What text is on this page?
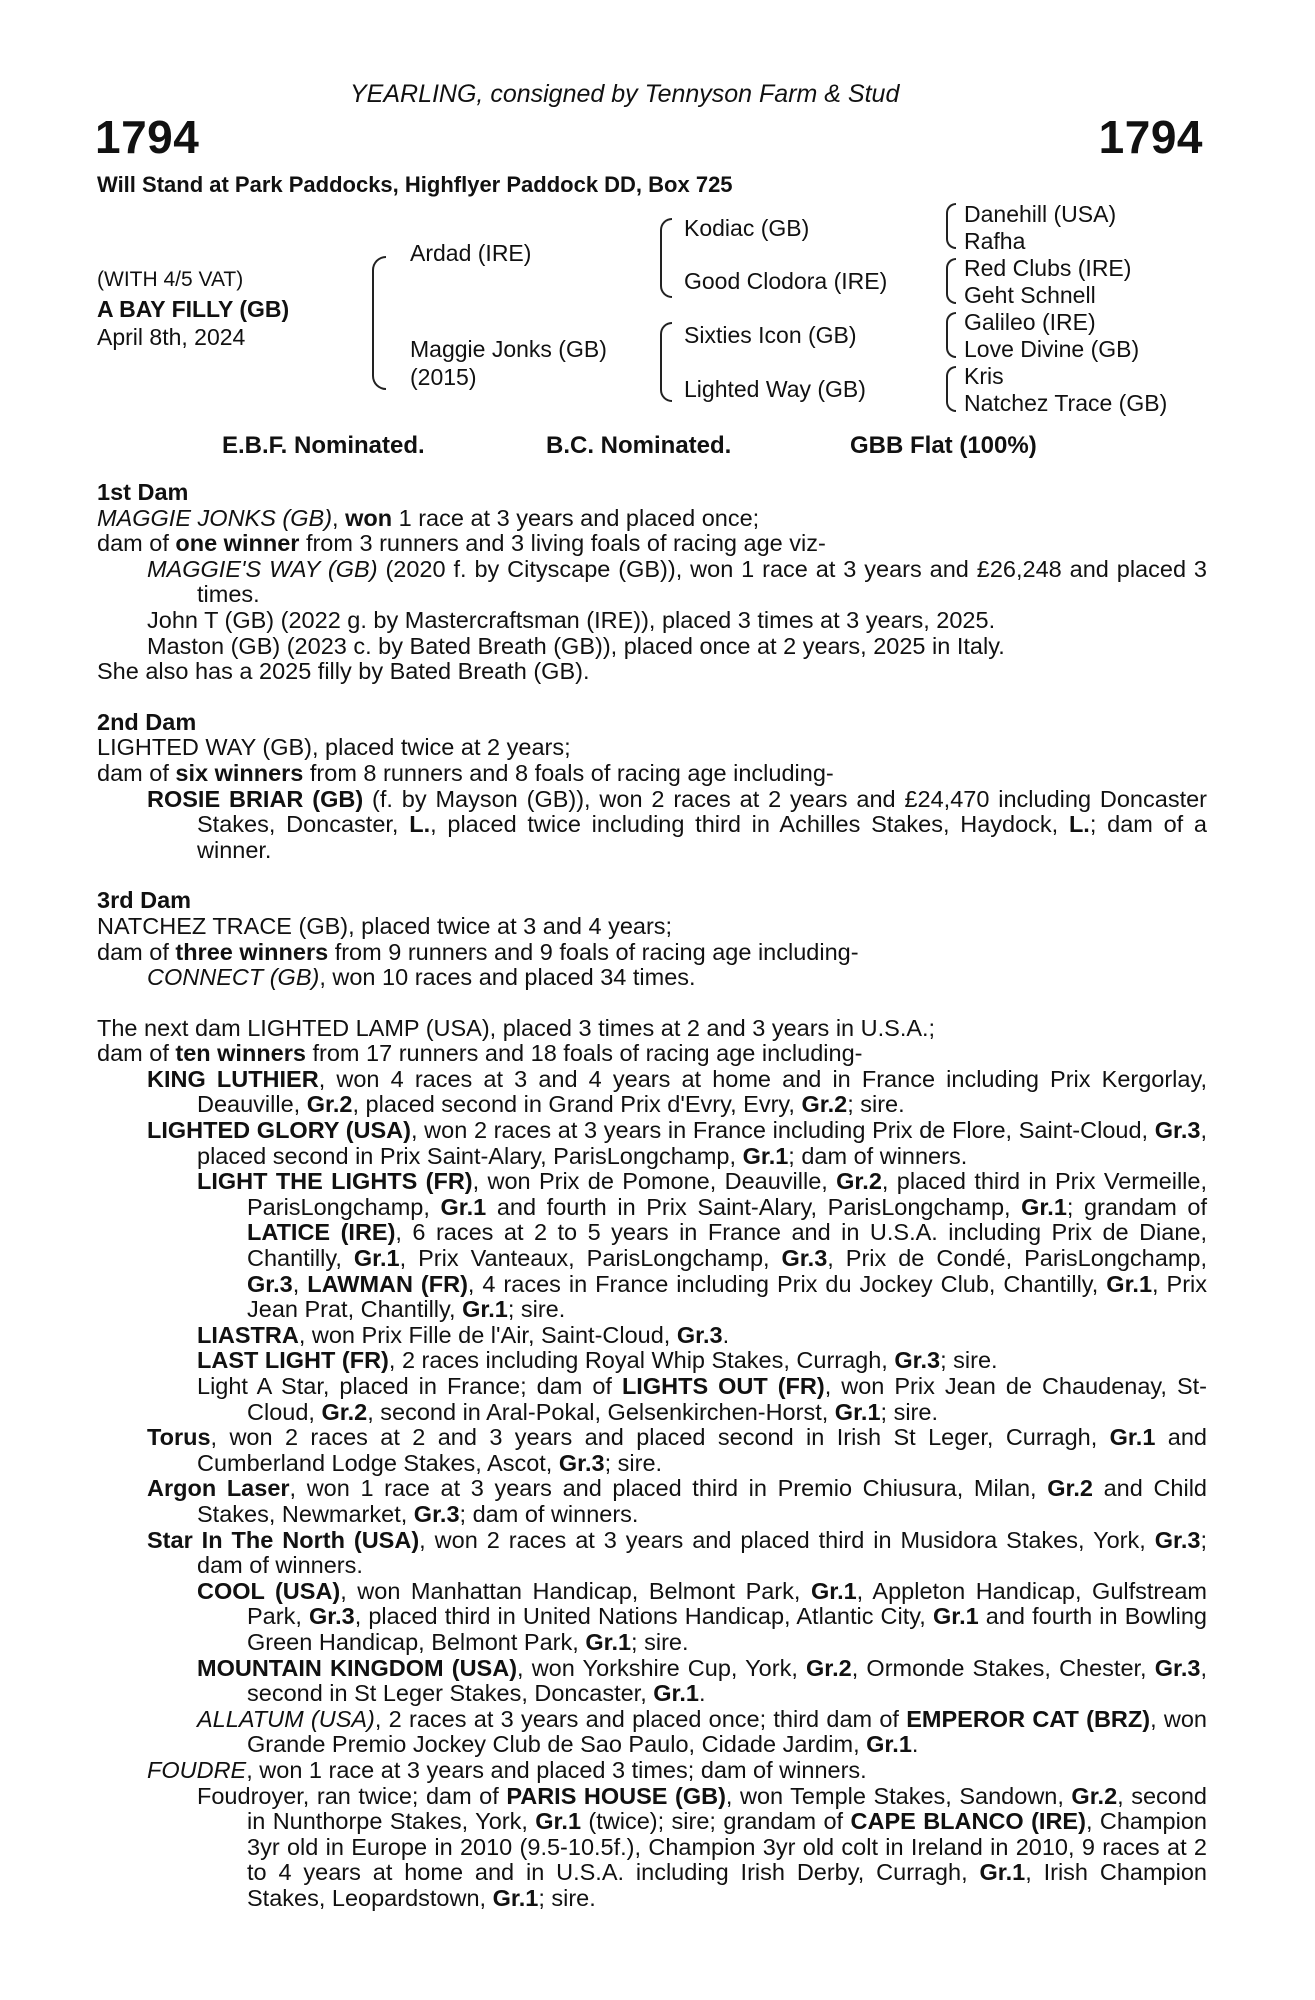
YEARLING, consigned by Tennyson Farm & Stud
1794	1794
Will Stand at Park Paddocks, Highflyer Paddock DD, Box 725
(WITH 4/5 VAT)
A BAY FILLY (GB)
April 8th, 2024
Ardad (IRE)
Maggie Jonks (GB)
(2015)
Kodiac (GB)
Good Clodora (IRE)
Sixties Icon (GB)
Lighted Way (GB)
Danehill (USA)
Rafha
Red Clubs (IRE)
Geht Schnell
Galileo (IRE)
Love Divine (GB)
Kris
Natchez Trace (GB)
E.B.F. Nominated.	B.C. Nominated.	GBB Flat (100%)

1st Dam

MAGGIE JONKS (GB), won 1 race at 3 years and placed once;

dam of one winner from 3 runners and 3 living foals of racing age viz-

MAGGIE'S WAY (GB) (2020 f. by Cityscape (GB)), won 1 race at 3 years and £26,248 and placed 3 times.

John T (GB) (2022 g. by Mastercraftsman (IRE)), placed 3 times at 3 years, 2025.

Maston (GB) (2023 c. by Bated Breath (GB)), placed once at 2 years, 2025 in Italy.

She also has a 2025 filly by Bated Breath (GB).

2nd Dam

LIGHTED WAY (GB), placed twice at 2 years;

dam of six winners from 8 runners and 8 foals of racing age including-

ROSIE BRIAR (GB) (f. by Mayson (GB)), won 2 races at 2 years and £24,470 including Doncaster Stakes, Doncaster, L., placed twice including third in Achilles Stakes, Haydock, L.; dam of a winner.

3rd Dam

NATCHEZ TRACE (GB), placed twice at 3 and 4 years;

dam of three winners from 9 runners and 9 foals of racing age including-

CONNECT (GB), won 10 races and placed 34 times.

The next dam LIGHTED LAMP (USA), placed 3 times at 2 and 3 years in U.S.A.;

dam of ten winners from 17 runners and 18 foals of racing age including-

KING LUTHIER, won 4 races at 3 and 4 years at home and in France including Prix Kergorlay, Deauville, Gr.2, placed second in Grand Prix d'Evry, Evry, Gr.2; sire.

LIGHTED GLORY (USA), won 2 races at 3 years in France including Prix de Flore, Saint-Cloud, Gr.3, placed second in Prix Saint-Alary, ParisLongchamp, Gr.1; dam of winners.

LIGHT THE LIGHTS (FR), won Prix de Pomone, Deauville, Gr.2, placed third in Prix Vermeille, ParisLongchamp, Gr.1 and fourth in Prix Saint-Alary, ParisLongchamp, Gr.1; grandam of LATICE (IRE), 6 races at 2 to 5 years in France and in U.S.A. including Prix de Diane, Chantilly, Gr.1, Prix Vanteaux, ParisLongchamp, Gr.3, Prix de Condé, ParisLongchamp, Gr.3, LAWMAN (FR), 4 races in France including Prix du Jockey Club, Chantilly, Gr.1, Prix Jean Prat, Chantilly, Gr.1; sire.

LIASTRA, won Prix Fille de l'Air, Saint-Cloud, Gr.3.

LAST LIGHT (FR), 2 races including Royal Whip Stakes, Curragh, Gr.3; sire.

Light A Star, placed in France; dam of LIGHTS OUT (FR), won Prix Jean de Chaudenay, St-Cloud, Gr.2, second in Aral-Pokal, Gelsenkirchen-Horst, Gr.1; sire.

Torus, won 2 races at 2 and 3 years and placed second in Irish St Leger, Curragh, Gr.1 and Cumberland Lodge Stakes, Ascot, Gr.3; sire.

Argon Laser, won 1 race at 3 years and placed third in Premio Chiusura, Milan, Gr.2 and Child Stakes, Newmarket, Gr.3; dam of winners.

Star In The North (USA), won 2 races at 3 years and placed third in Musidora Stakes, York, Gr.3; dam of winners.

COOL (USA), won Manhattan Handicap, Belmont Park, Gr.1, Appleton Handicap, Gulfstream Park, Gr.3, placed third in United Nations Handicap, Atlantic City, Gr.1 and fourth in Bowling Green Handicap, Belmont Park, Gr.1; sire.

MOUNTAIN KINGDOM (USA), won Yorkshire Cup, York, Gr.2, Ormonde Stakes, Chester, Gr.3, second in St Leger Stakes, Doncaster, Gr.1.

ALLATUM (USA), 2 races at 3 years and placed once; third dam of EMPEROR CAT (BRZ), won Grande Premio Jockey Club de Sao Paulo, Cidade Jardim, Gr.1.

FOUDRE, won 1 race at 3 years and placed 3 times; dam of winners.

Foudroyer, ran twice; dam of PARIS HOUSE (GB), won Temple Stakes, Sandown, Gr.2, second in Nunthorpe Stakes, York, Gr.1 (twice); sire; grandam of CAPE BLANCO (IRE), Champion 3yr old in Europe in 2010 (9.5-10.5f.), Champion 3yr old colt in Ireland in 2010, 9 races at 2 to 4 years at home and in U.S.A. including Irish Derby, Curragh, Gr.1, Irish Champion Stakes, Leopardstown, Gr.1; sire.
